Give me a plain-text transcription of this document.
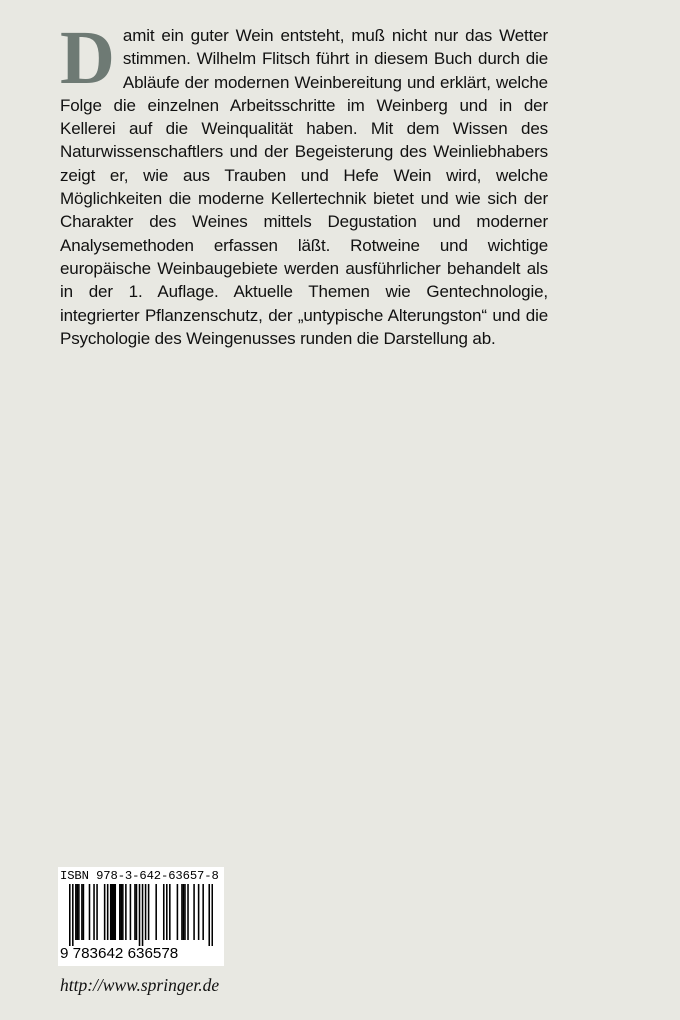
D amit ein guter Wein entsteht, muß nicht nur das Wetter stimmen. Wilhelm Flitsch führt in diesem Buch durch die Abläufe der modernen Weinbereitung und erklärt, welche Folge die einzelnen Arbeitsschritte im Weinberg und in der Kellerei auf die Weinqualität haben. Mit dem Wissen des Naturwissenschaftlers und der Begeisterung des Weinliebhabers zeigt er, wie aus Trauben und Hefe Wein wird, welche Möglichkeiten die moderne Kellertechnik bietet und wie sich der Charakter des Weines mittels Degustation und moderner Analysemethoden erfassen läßt. Rotweine und wichtige europäische Weinbaugebiete werden ausführlicher behandelt als in der 1. Auflage. Aktuelle Themen wie Gentechnologie, integrierter Pflanzenschutz, der „untypische Alterungston“ und die Psychologie des Weingenusses runden die Darstellung ab.

ISBN 978-3-642-63657-8
9 783642 636578
http://www.springer.de
